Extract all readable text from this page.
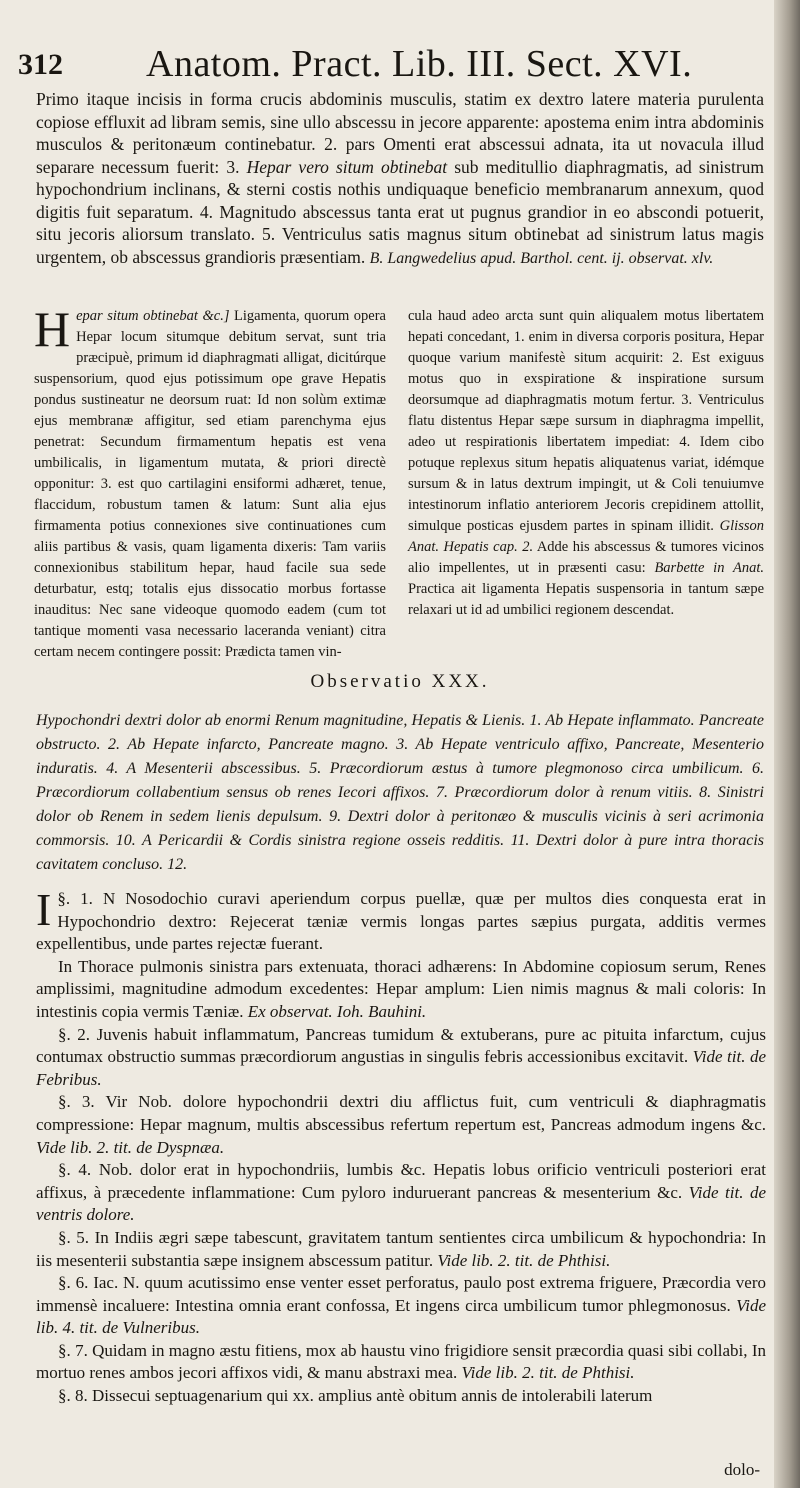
312 Anatom. Pract. Lib. III. Sect. XVI.
Primo itaque incisis in forma crucis abdominis musculis, statim ex dextro latere materia purulenta copiose effluxit ad libram semis, sine ullo abscessu in jecore apparente: apostema enim intra abdominis musculos & peritonæum continebatur. 2. pars Omenti erat abscessui adnata, ita ut novacula illud separare necessum fuerit: 3. Hepar vero situm obtinebat sub meditullio diaphragmatis, ad sinistrum hypochondrium inclinans, & sterni costis nothis undiquaque beneficio membranarum annexum, quod digitis fuit separatum. 4. Magnitudo abscessus tanta erat ut pugnus grandior in eo abscondi potuerit, situ jecoris aliorsum translato. 5. Ventriculus satis magnus situm obtinebat ad sinistrum latus magis urgentem, ob abscessus grandioris præsentiam. B. Langwedelius apud. Barthol. cent. ij. observat. xlv.
Hepar situm obtinebat &c.] Ligamenta, quorum opera Hepar locum situmque debitum servat, sunt tria præcipuè, primum id diaphragmati alligat, dicitúrque suspensorium, quod ejus potissimum ope grave Hepatis pondus sustineatur ne deorsum ruat: Id non solùm extimæ ejus membranæ affigitur, sed etiam parenchyma ejus penetrat: Secundum firmamentum hepatis est vena umbilicalis, in ligamentum mutata, & priori directè opponitur: 3. est quo cartilagini ensiformi adhæret, tenue, flaccidum, robustum tamen & latum: Sunt alia ejus firmamenta potius connexiones sive continuationes cum aliis partibus & vasis, quam ligamenta dixeris: Tam variis connexionibus stabilitum hepar, haud facile sua sede deturbatur, estq; totalis ejus dissocatio morbus fortasse inauditus: Nec sane videoque quomodo eadem (cum tot tantique momenti vasa necessario laceranda veniant) citra certam necem contingere possit: Prædicta tamen vin-
cula haud adeo arcta sunt quin aliqualem motus libertatem hepati concedant, 1. enim in diversa corporis positura, Hepar quoque varium manifestè situm acquirit: 2. Est exiguus motus quo in exspiratione & inspiratione sursum deorsumque ad diaphragmatis motum fertur. 3. Ventriculus flatu distentus Hepar sæpe sursum in diaphragma impellit, adeo ut respirationis libertatem impediat: 4. Idem cibo potuque replexus situm hepatis aliquatenus variat, idémque sursum & in latus dextrum impingit, ut & Coli tenuiumve intestinorum inflatio anteriorem Jecoris crepidinem attollit, simulque posticas ejusdem partes in spinam illidit. Glisson Anat. Hepatis cap. 2. Adde his abscessus & tumores vicinos alio impellentes, ut in præsenti casu: Barbette in Anat. Practica ait ligamenta Hepatis suspensoria in tantum sæpe relaxari ut id ad umbilici regionem descendat.
Observatio XXX.
Hypochondri dextri dolor ab enormi Renum magnitudine, Hepatis & Lienis. 1. Ab Hepate inflammato. Pancreate obstructo. 2. Ab Hepate infarcto, Pancreate magno. 3. Ab Hepate ventriculo affixo, Pancreate, Mesenterio induratis. 4. A Mesenterii abscessibus. 5. Præcordiorum æstus à tumore plegmonoso circa umbilicum. 6. Præcordiorum collabentium sensus ob renes Iecori affixos. 7. Præcordiorum dolor à renum vitiis. 8. Sinistri dolor ob Renem in sedem lienis depulsum. 9. Dextri dolor à peritonæo & musculis vicinis à seri acrimonia commorsis. 10. A Pericardii & Cordis sinistra regione osseis redditis. 11. Dextri dolor à pure intra thoracis cavitatem concluso. 12.

§. 1.
I	N Nosodochio curavi aperiendum corpus puellæ, quæ per multos dies conquesta erat in Hypochondrio dextro: Rejecerat tæniæ vermis longas partes sæpius purgata, additis vermes expellentibus, unde partes rejectæ fuerant.

In Thorace pulmonis sinistra pars extenuata, thoraci adhærens: In Abdomine copiosum serum, Renes amplissimi, magnitudine admodum excedentes: Hepar amplum: Lien nimis magnus & mali coloris: In intestinis copia vermis Tæniæ. Ex observat. Ioh. Bauhini.

§. 2. Juvenis habuit inflammatum, Pancreas tumidum & extuberans, pure ac pituita infarctum, cujus contumax obstructio summas præcordiorum angustias in singulis febris accessionibus excitavit. Vide tit. de Febribus.

§. 3. Vir Nob. dolore hypochondrii dextri diu afflictus fuit, cum ventriculi & diaphragmatis compressione: Hepar magnum, multis abscessibus refertum repertum est, Pancreas admodum ingens &c. Vide lib. 2. tit. de Dyspnæa.

§. 4. Nob. dolor erat in hypochondriis, lumbis &c. Hepatis lobus orificio ventriculi posteriori erat affixus, à præcedente inflammatione: Cum pyloro induruerant pancreas & mesenterium &c. Vide tit. de ventris dolore.

§. 5. In Indiis ægri sæpe tabescunt, gravitatem tantum sentientes circa umbilicum & hypochondria: In iis mesenterii substantia sæpe insignem abscessum patitur. Vide lib. 2. tit. de Phthisi.

§. 6. Iac. N. quum acutissimo ense venter esset perforatus, paulo post extrema friguere, Præcordia vero immensè incaluere: Intestina omnia erant confossa, Et ingens circa umbilicum tumor phlegmonosus. Vide lib. 4. tit. de Vulneribus.

§. 7. Quidam in magno æstu fitiens, mox ab haustu vino frigidiore sensit præcordia quasi sibi collabi, In mortuo renes ambos jecori affixos vidi, & manu abstraxi mea. Vide lib. 2. tit. de Phthisi.

§. 8. Dissecui septuagenarium qui xx. amplius antè obitum annis de intolerabili laterum

dolo-
